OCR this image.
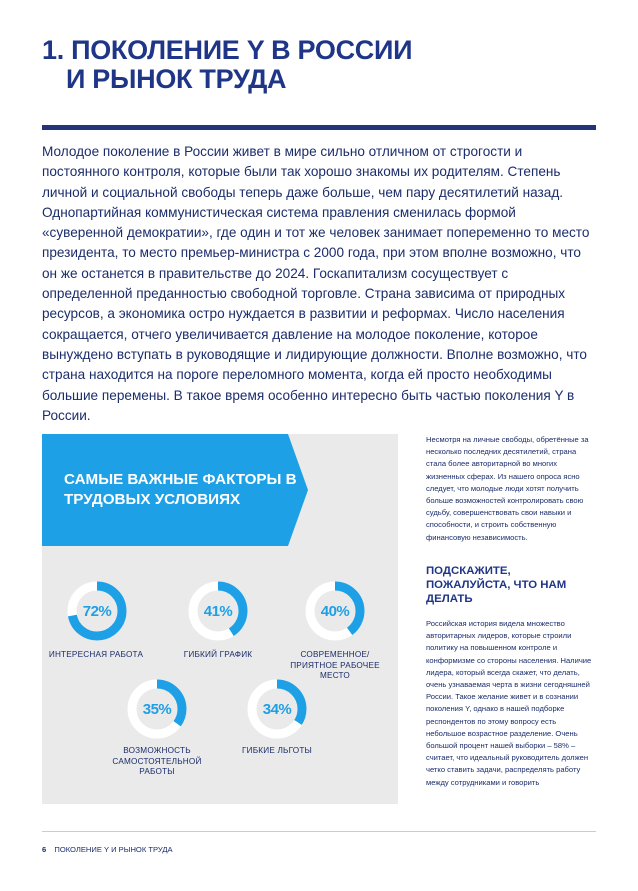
1. ПОКОЛЕНИЕ Y В РОССИИ
И РЫНОК ТРУДА

Молодое поколение в России живет в мире сильно отличном от строгости и постоянного контроля, которые были так хорошо знакомы их родителям. Степень личной и социальной свободы теперь даже больше, чем пару десятилетий назад. Однопартийная коммунистическая система правления сменилась формой «суверенной демократии», где один и тот же человек занимает попеременно то место президента, то место премьер-министра с 2000 года, при этом вполне возможно, что он же останется в правительстве до 2024. Госкапитализм сосуществует с определенной преданностью свободной торговле. Страна зависима от природных ресурсов, а экономика остро нуждается в развитии и реформах. Число населения сокращается, отчего увеличивается давление на молодое поколение, которое вынуждено вступать в руководящие и лидирующие должности. Вполне возможно, что страна находится на пороге переломного момента, когда ей просто необходимы большие перемены. В такое время особенно интересно быть частью поколения Y в России.

САМЫЕ ВАЖНЫЕ ФАКТОРЫ В ТРУДОВЫХ УСЛОВИЯХ

72%
ИНТЕРЕСНАЯ РАБОТА
41%
ГИБКИЙ ГРАФИК
40%
СОВРЕМЕННОЕ/ ПРИЯТНОЕ РАБОЧЕЕ МЕСТО
35%
ВОЗМОЖНОСТЬ САМОСТОЯТЕЛЬНОЙ РАБОТЫ
34%
ГИБКИЕ ЛЬГОТЫ

Несмотря на личные свободы, обретённые за несколько последних десятилетий, страна стала более авторитарной во многих жизненных сферах. Из нашего опроса ясно следует, что молодые люди хотят получить больше возможностей контролировать свою судьбу, совершенствовать свои навыки и способности, и строить собственную финансовую независимость.

ПОДСКАЖИТЕ, ПОЖАЛУЙСТА, ЧТО НАМ ДЕЛАТЬ

Российская история видела множество авторитарных лидеров, которые строили политику на повышенном контроле и конформизме со стороны населения. Наличие лидера, который всегда скажет, что делать, очень узнаваемая черта в жизни сегодняшней России. Такое желание живет и в сознании поколения Y, однако в нашей подборке респондентов по этому вопросу есть небольшое возрастное разделение. Очень большой процент нашей выборки – 58% – считает, что идеальный руководитель должен четко ставить задачи, распределять работу между сотрудниками и говорить

6 ПОКОЛЕНИЕ Y И РЫНОК ТРУДА
